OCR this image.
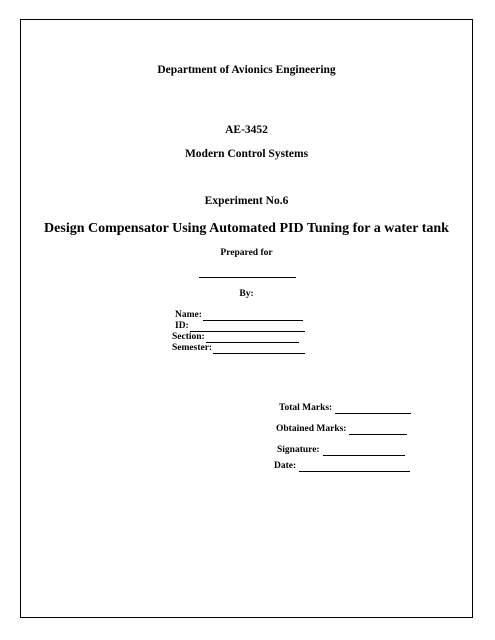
Department of Avionics Engineering
AE-3452
Modern Control Systems
Experiment No.6
Design Compensator Using Automated PID Tuning for a water tank
Prepared for
By:
Name:
ID:
Section:
Semester:
Total Marks:
Obtained Marks:
Signature:
Date:
